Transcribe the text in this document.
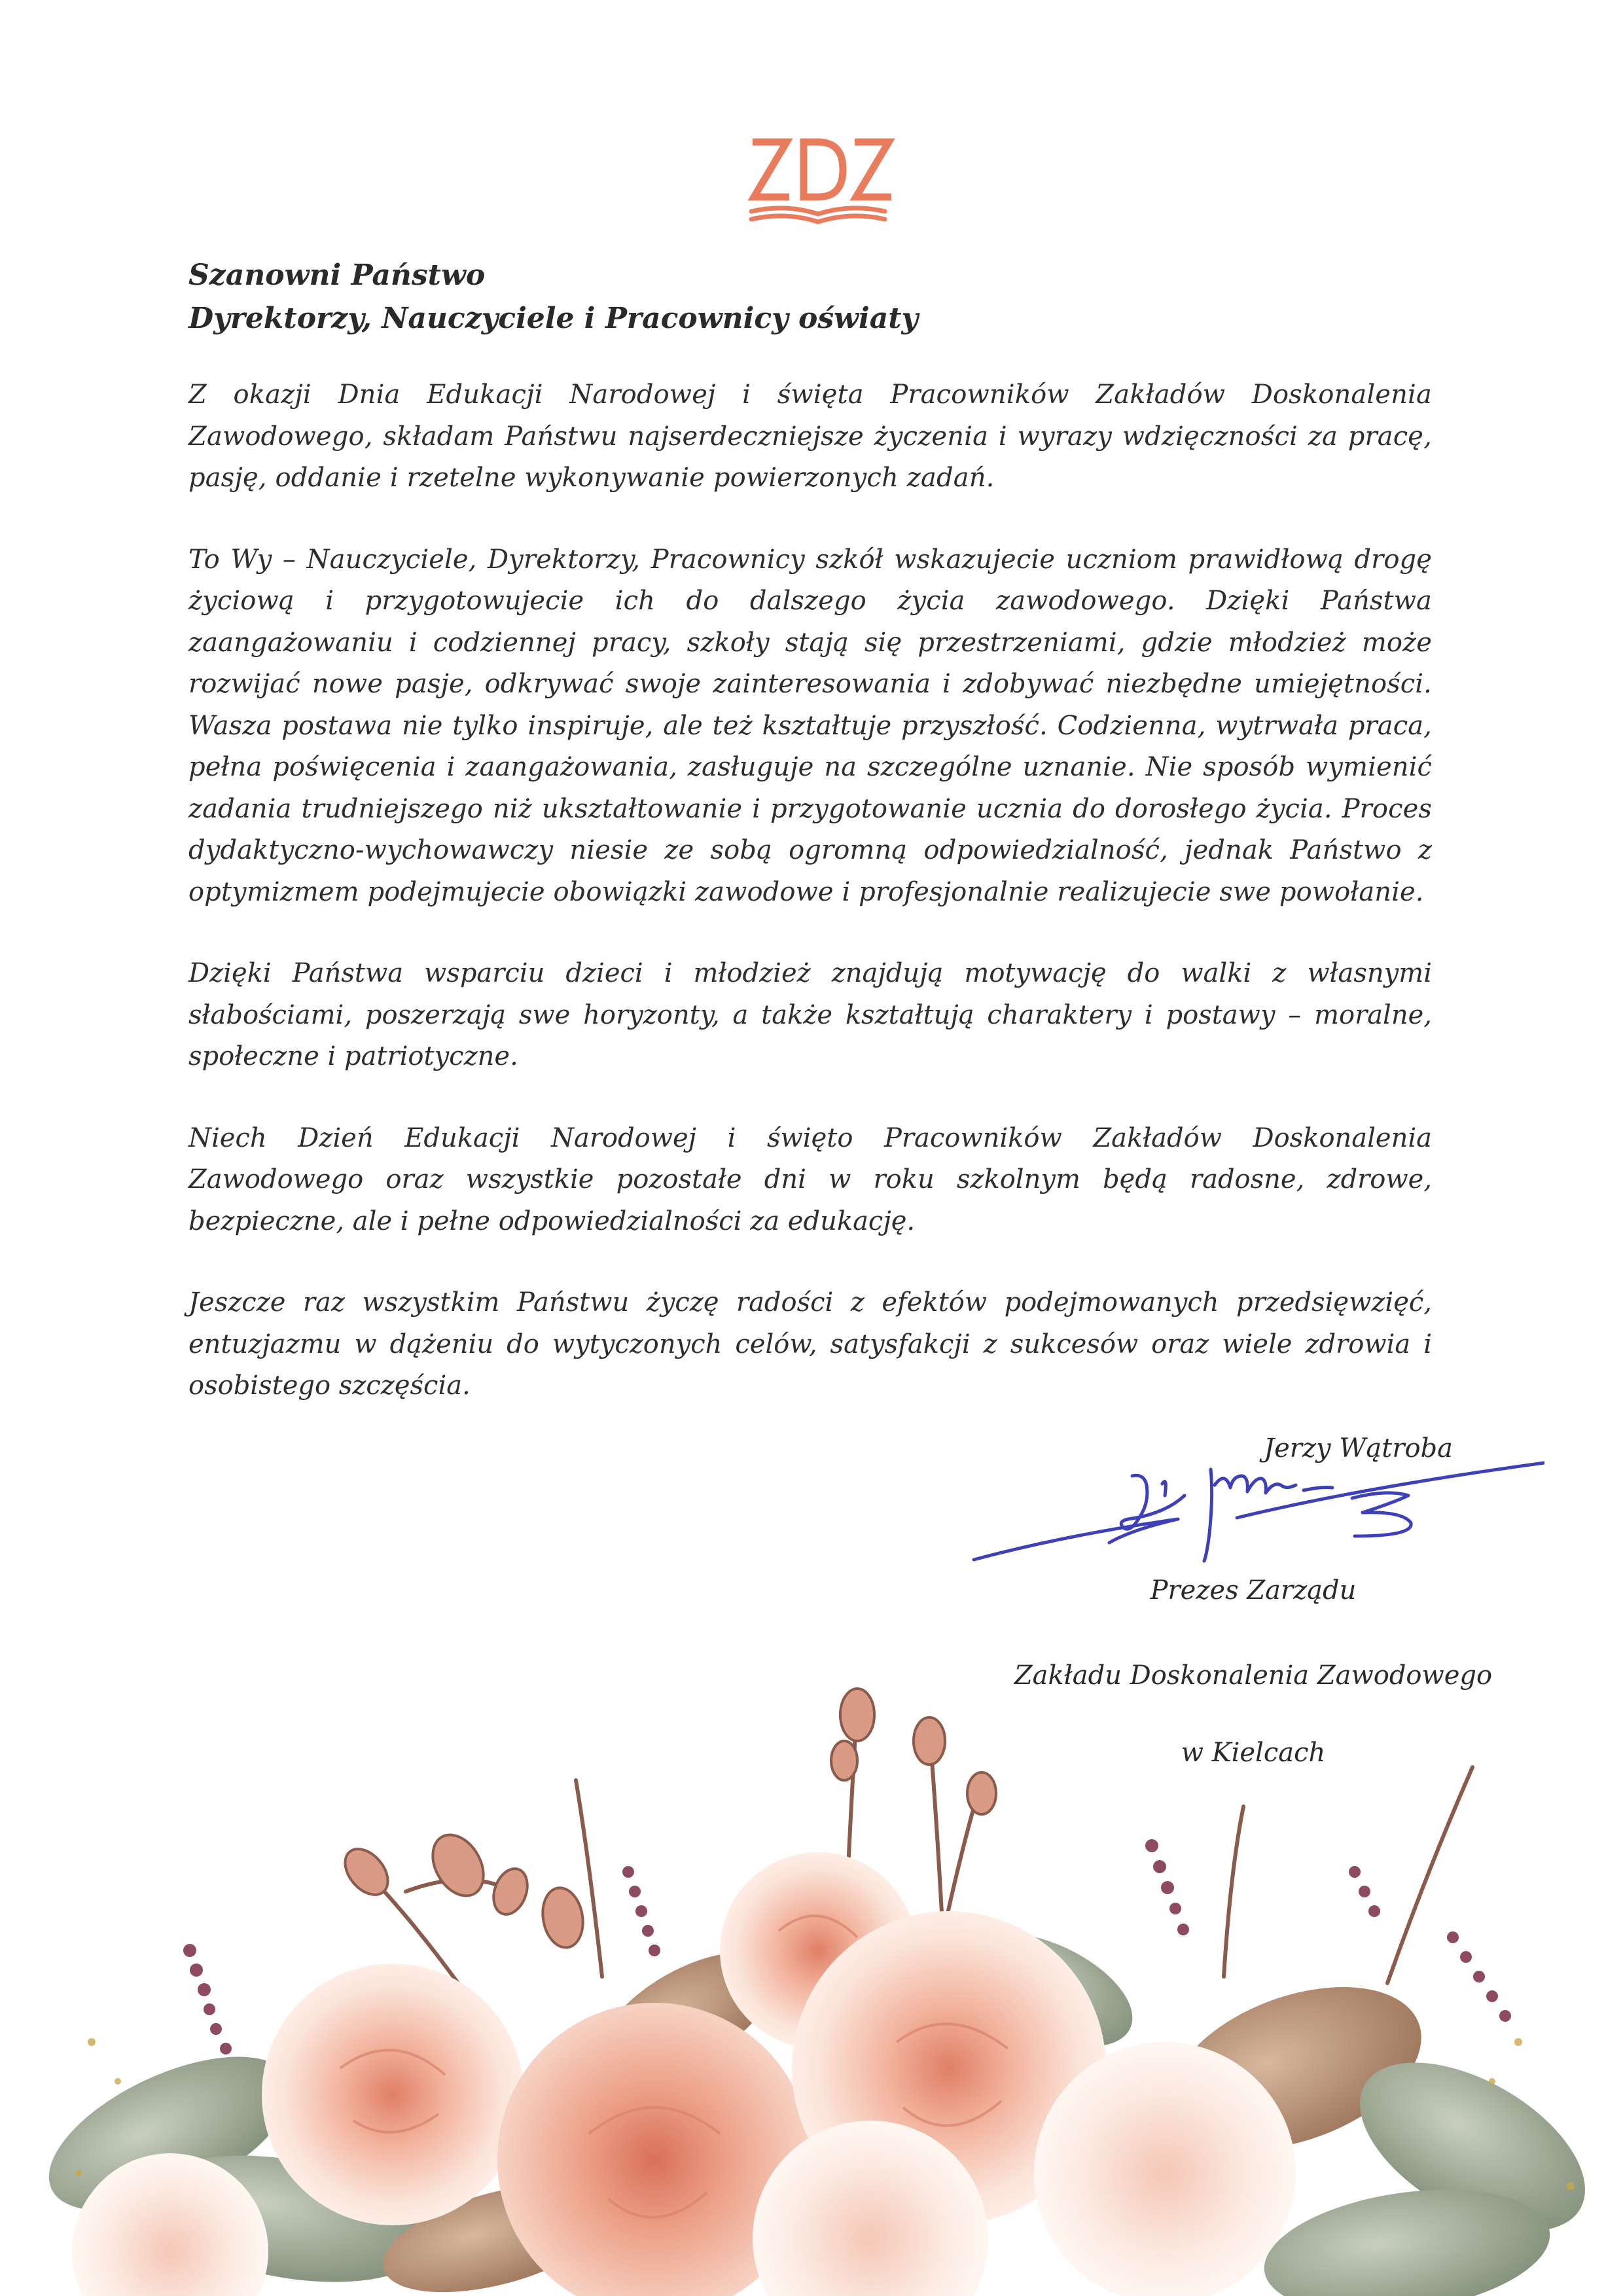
Szanowni Państwo
Dyrektorzy, Nauczyciele i Pracownicy oświaty

Z okazji Dnia Edukacji Narodowej i święta Pracowników Zakładów Doskonalenia Zawodowego, składam Państwu najserdeczniejsze życzenia i wyrazy wdzięczności za pracę, pasję, oddanie i rzetelne wykonywanie powierzonych zadań.

To Wy – Nauczyciele, Dyrektorzy, Pracownicy szkół wskazujecie uczniom prawidłową drogę życiową i przygotowujecie ich do dalszego życia zawodowego. Dzięki Państwa zaangażowaniu i codziennej pracy, szkoły stają się przestrzeniami, gdzie młodzież może rozwijać nowe pasje, odkrywać swoje zainteresowania i zdobywać niezbędne umiejętności. Wasza postawa nie tylko inspiruje, ale też kształtuje przyszłość. Codzienna, wytrwała praca, pełna poświęcenia i zaangażowania, zasługuje na szczególne uznanie. Nie sposób wymienić zadania trudniejszego niż ukształtowanie i przygotowanie ucznia do dorosłego życia. Proces dydaktyczno-wychowawczy niesie ze sobą ogromną odpowiedzialność, jednak Państwo z optymizmem podejmujecie obowiązki zawodowe i profesjonalnie realizujecie swe powołanie.

Dzięki Państwa wsparciu dzieci i młodzież znajdują motywację do walki z własnymi słabościami, poszerzają swe horyzonty, a także kształtują charaktery i postawy – moralne, społeczne i patriotyczne.

Niech Dzień Edukacji Narodowej i święto Pracowników Zakładów Doskonalenia Zawodowego oraz wszystkie pozostałe dni w roku szkolnym będą radosne, zdrowe, bezpieczne, ale i pełne odpowiedzialności za edukację.

Jeszcze raz wszystkim Państwu życzę radości z efektów podejmowanych przedsięwzięć, entuzjazmu w dążeniu do wytyczonych celów, satysfakcji z sukcesów oraz wiele zdrowia i osobistego szczęścia.

Jerzy Wątroba
Prezes Zarządu
Zakładu Doskonalenia Zawodowego
w Kielcach
